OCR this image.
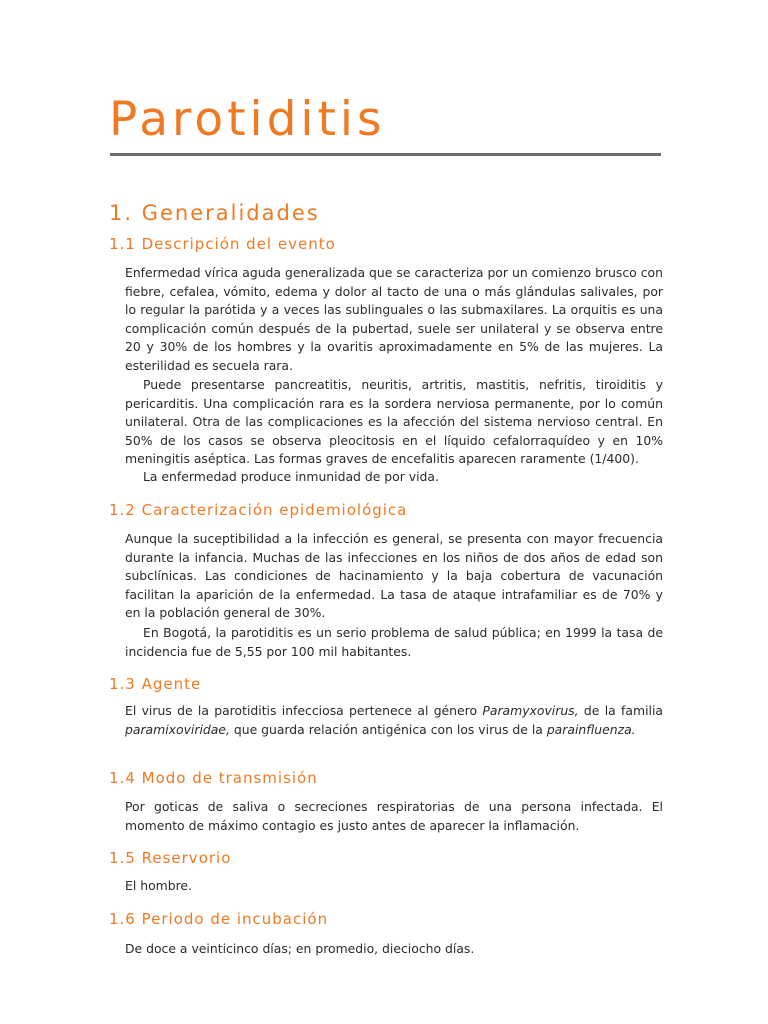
Parotiditis
1. Generalidades
1.1 Descripción del evento

Enfermedad vírica aguda generalizada que se caracteriza por un comienzo brusco con fiebre, cefalea, vómito, edema y dolor al tacto de una o más glándulas salivales, por lo regular la parótida y a veces las sublinguales o las submaxilares. La orquitis es una complicación común después de la pubertad, suele ser unilateral y se observa entre 20 y 30% de los hombres y la ovaritis aproximadamente en 5% de las mujeres. La esterilidad es secuela rara.

Puede presentarse pancreatitis, neuritis, artritis, mastitis, nefritis, tiroiditis y pericarditis. Una complicación rara es la sordera nerviosa permanente, por lo común unilateral. Otra de las complicaciones es la afección del sistema nervioso central. En 50% de los casos se observa pleocitosis en el líquido cefalorraquídeo y en 10% meningitis aséptica. Las formas graves de encefalitis aparecen raramente (1/400).

La enfermedad produce inmunidad de por vida.

1.2 Caracterización epidemiológica

Aunque la suceptibilidad a la infección es general, se presenta con mayor frecuencia durante la infancia. Muchas de las infecciones en los niños de dos años de edad son subclínicas. Las condiciones de hacinamiento y la baja cobertura de vacunación facilitan la aparición de la enfermedad. La tasa de ataque intrafamiliar es de 70% y en la población general de 30%.

En Bogotá, la parotiditis es un serio problema de salud pública; en 1999 la tasa de incidencia fue de 5,55 por 100 mil habitantes.

1.3 Agente

El virus de la parotiditis infecciosa pertenece al género Paramyxovirus, de la familia paramixoviridae, que guarda relación antigénica con los virus de la parainfluenza.

1.4 Modo de transmisión

Por goticas de saliva o secreciones respiratorias de una persona infectada. El momento de máximo contagio es justo antes de aparecer la inflamación.

1.5 Reservorio

El hombre.

1.6 Periodo de incubación

De doce a veinticinco días; en promedio, dieciocho días.
